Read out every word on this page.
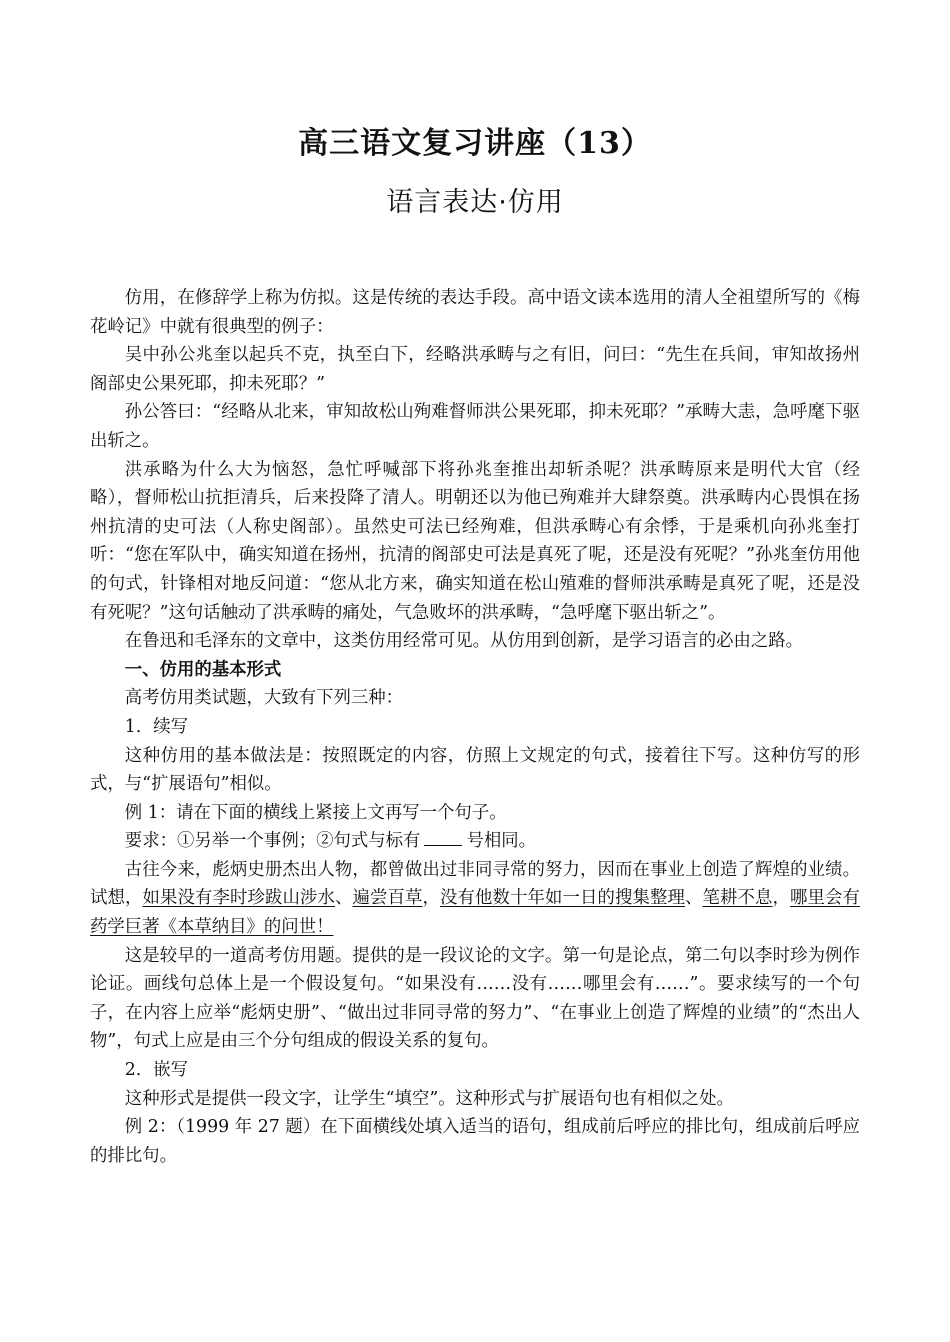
高三语文复习讲座（13）
语言表达·仿用

仿用，在修辞学上称为仿拟。这是传统的表达手段。高中语文读本选用的清人全祖望所写的《梅花岭记》中就有很典型的例子：

吴中孙公兆奎以起兵不克，执至白下，经略洪承畴与之有旧，问曰：“先生在兵间，审知故扬州阁部史公果死耶，抑未死耶？”

孙公答曰：“经略从北来，审知故松山殉难督师洪公果死耶，抑未死耶？”承畴大恚，急呼麾下驱出斩之。

洪承略为什么大为恼怒，急忙呼喊部下将孙兆奎推出却斩杀呢？洪承畴原来是明代大官（经略），督师松山抗拒清兵，后来投降了清人。明朝还以为他已殉难并大肆祭奠。洪承畴内心畏惧在扬州抗清的史可法（人称史阁部）。虽然史可法已经殉难，但洪承畴心有余悸，于是乘机向孙兆奎打听：“您在军队中，确实知道在扬州，抗清的阁部史可法是真死了呢，还是没有死呢？”孙兆奎仿用他的句式，针锋相对地反问道：“您从北方来，确实知道在松山殖难的督师洪承畴是真死了呢，还是没有死呢？”这句话触动了洪承畴的痛处，气急败坏的洪承畴，“急呼麾下驱出斩之”。

在鲁迅和毛泽东的文章中，这类仿用经常可见。从仿用到创新，是学习语言的必由之路。

一、仿用的基本形式

高考仿用类试题，大致有下列三种：

1．续写

这种仿用的基本做法是：按照既定的内容，仿照上文规定的句式，接着往下写。这种仿写的形式，与“扩展语句”相似。

例 1：请在下面的横线上紧接上文再写一个句子。

要求：①另举一个事例；②句式与标有	号相同。

古往今来，彪炳史册杰出人物，都曾做出过非同寻常的努力，因而在事业上创造了辉煌的业绩。试想，如果没有李时珍跋山涉水、遍尝百草，没有他数十年如一日的搜集整理、笔耕不息，哪里会有药学巨著《本草纳目》的问世！

这是较早的一道高考仿用题。提供的是一段议论的文字。第一句是论点，第二句以李时珍为例作论证。画线句总体上是一个假设复句。“如果没有……没有……哪里会有……”。要求续写的一个句子，在内容上应举“彪炳史册”、“做出过非同寻常的努力”、“在事业上创造了辉煌的业绩”的“杰出人物”，句式上应是由三个分句组成的假设关系的复句。

2．嵌写

这种形式是提供一段文字，让学生“填空”。这种形式与扩展语句也有相似之处。

例 2：（1999 年 27 题）在下面横线处填入适当的语句，组成前后呼应的排比句，组成前后呼应的排比句。
